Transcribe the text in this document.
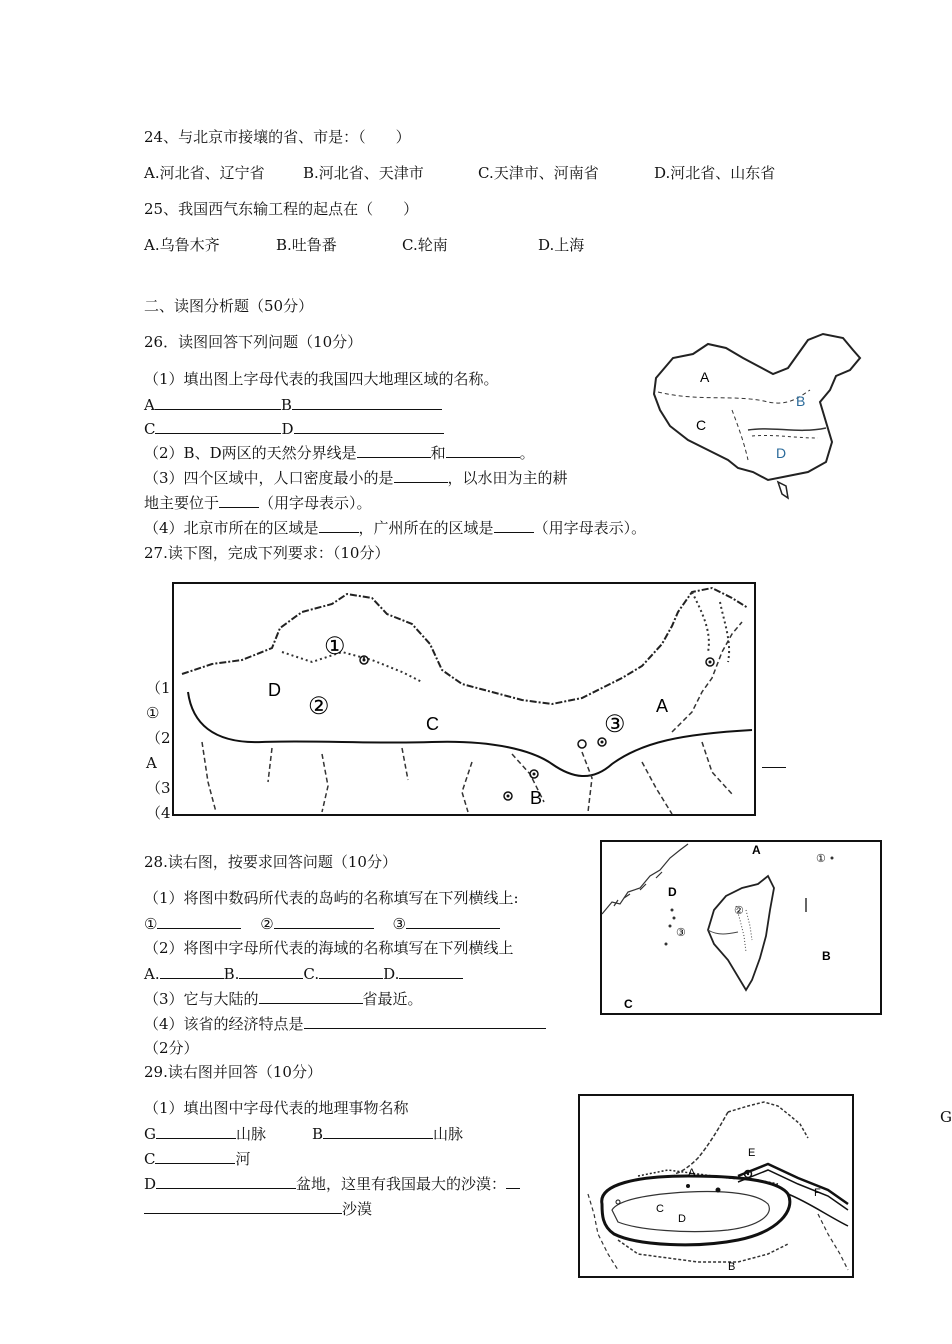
24、与北京市接壤的省、市是：（　　）
A.河北省、辽宁省	B.河北省、天津市	C.天津市、河南省	D.河北省、山东省
25、我国西气东输工程的起点在（　　）
A.乌鲁木齐	B.吐鲁番	C.轮南	D.上海
二、读图分析题（50分）
26．读图回答下列问题（10分）
（1）填出图上字母代表的我国四大地理区域的名称。
A	B
C	D
（2）B、D两区的天然分界线是	和	。
（3）四个区域中，人口密度最小的是	，以水田为主的耕
地主要位于	（用字母表示）。
（4）北京市所在的区域是	，广州所在的区域是	（用字母表示）。
A
B
C
D
27.读下图，完成下列要求：（10分）
（1
①
（2
A
（3
（4
①
②
③
A
B
C
D
28.读右图，按要求回答问题（10分）
（1）将图中数码所代表的岛屿的名称填写在下列横线上:
①	②	③
（2）将图中字母所代表的海域的名称填写在下列横线上
A.	B.	C.	D.
（3）它与大陆的	省最近。
（4）该省的经济特点是
（2分）
A
B
C
D
①
②
③
29.读右图并回答（10分）
（1）填出图中字母代表的地理事物名称
G	山脉	B	山脉
C	河
D	盆地，这里有我国最大的沙漠：
沙漠
G
E
F
A
C
D
B
